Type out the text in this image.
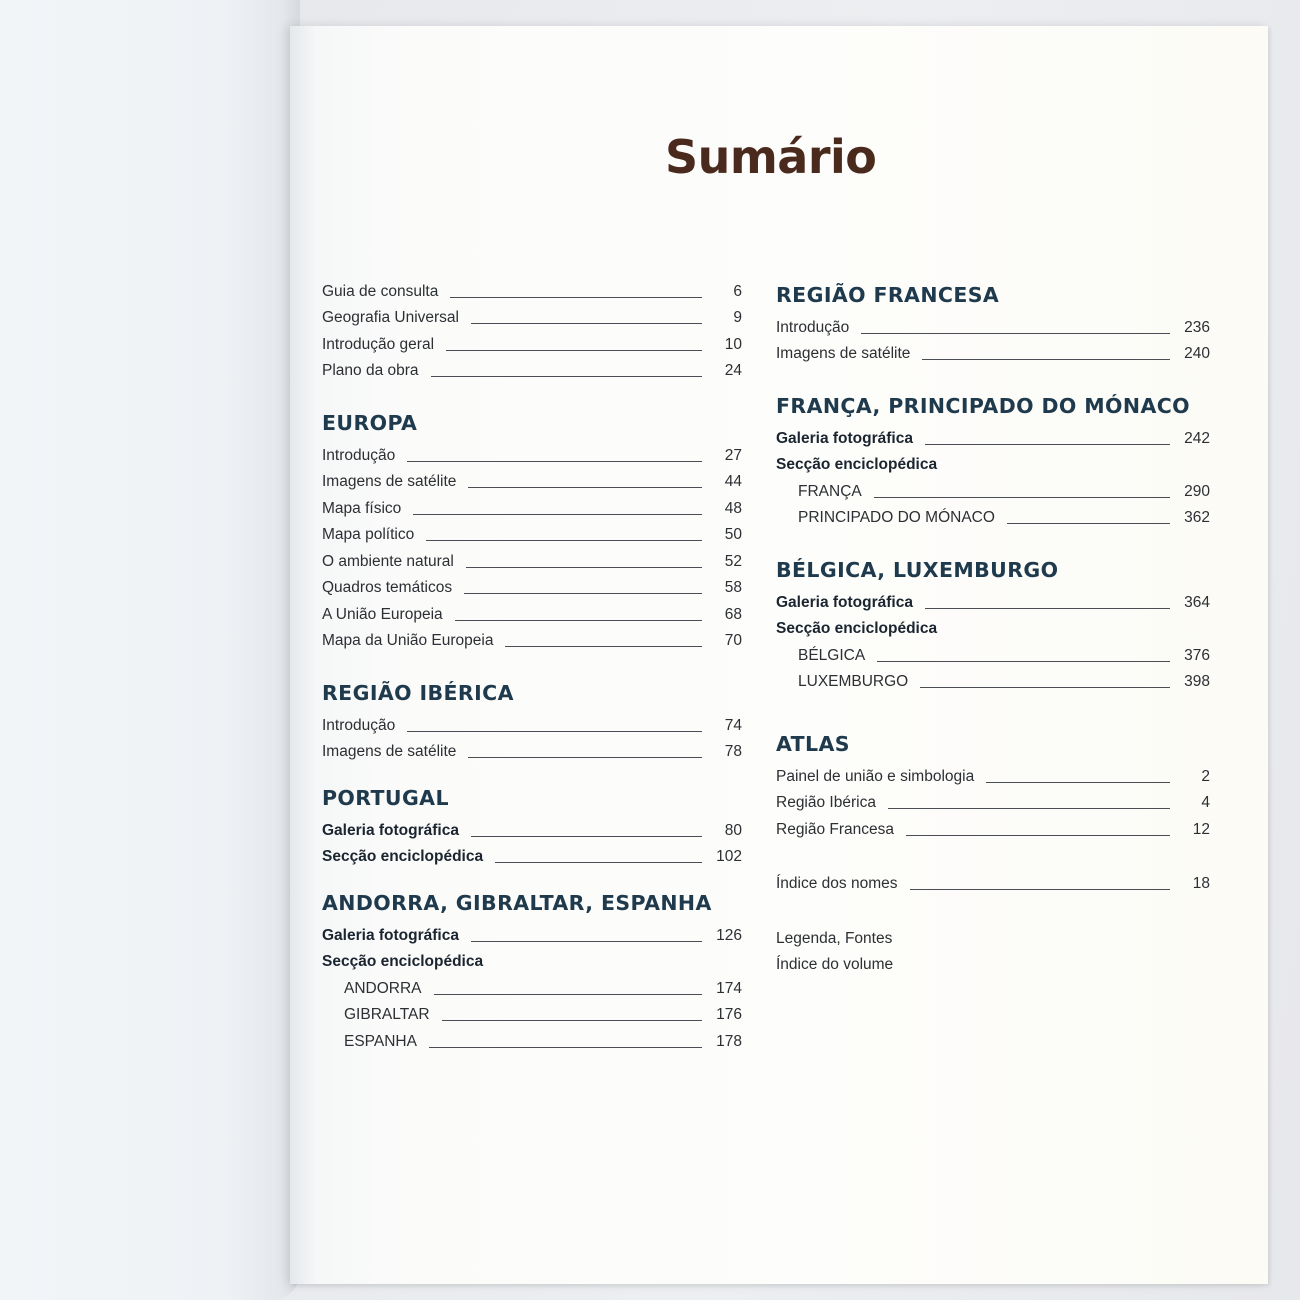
Sumário
Guia de consulta	6
Geografia Universal	9
Introdução geral	10
Plano da obra	24
EUROPA
Introdução	27
Imagens de satélite	44
Mapa físico	48
Mapa político	50
O ambiente natural	52
Quadros temáticos	58
A União Europeia	68
Mapa da União Europeia	70
REGIÃO IBÉRICA
Introdução	74
Imagens de satélite	78
PORTUGAL
Galeria fotográfica	80
Secção enciclopédica	102
ANDORRA, GIBRALTAR, ESPANHA
Galeria fotográfica	126
Secção enciclopédica
ANDORRA	174
GIBRALTAR	176
ESPANHA	178
REGIÃO FRANCESA
Introdução	236
Imagens de satélite	240
FRANÇA, PRINCIPADO DO MÓNACO
Galeria fotográfica	242
Secção enciclopédica
FRANÇA	290
PRINCIPADO DO MÓNACO	362
BÉLGICA, LUXEMBURGO
Galeria fotográfica	364
Secção enciclopédica
BÉLGICA	376
LUXEMBURGO	398
ATLAS
Painel de união e simbologia	2
Região Ibérica	4
Região Francesa	12
Índice dos nomes	18
Legenda, Fontes
Índice do volume
